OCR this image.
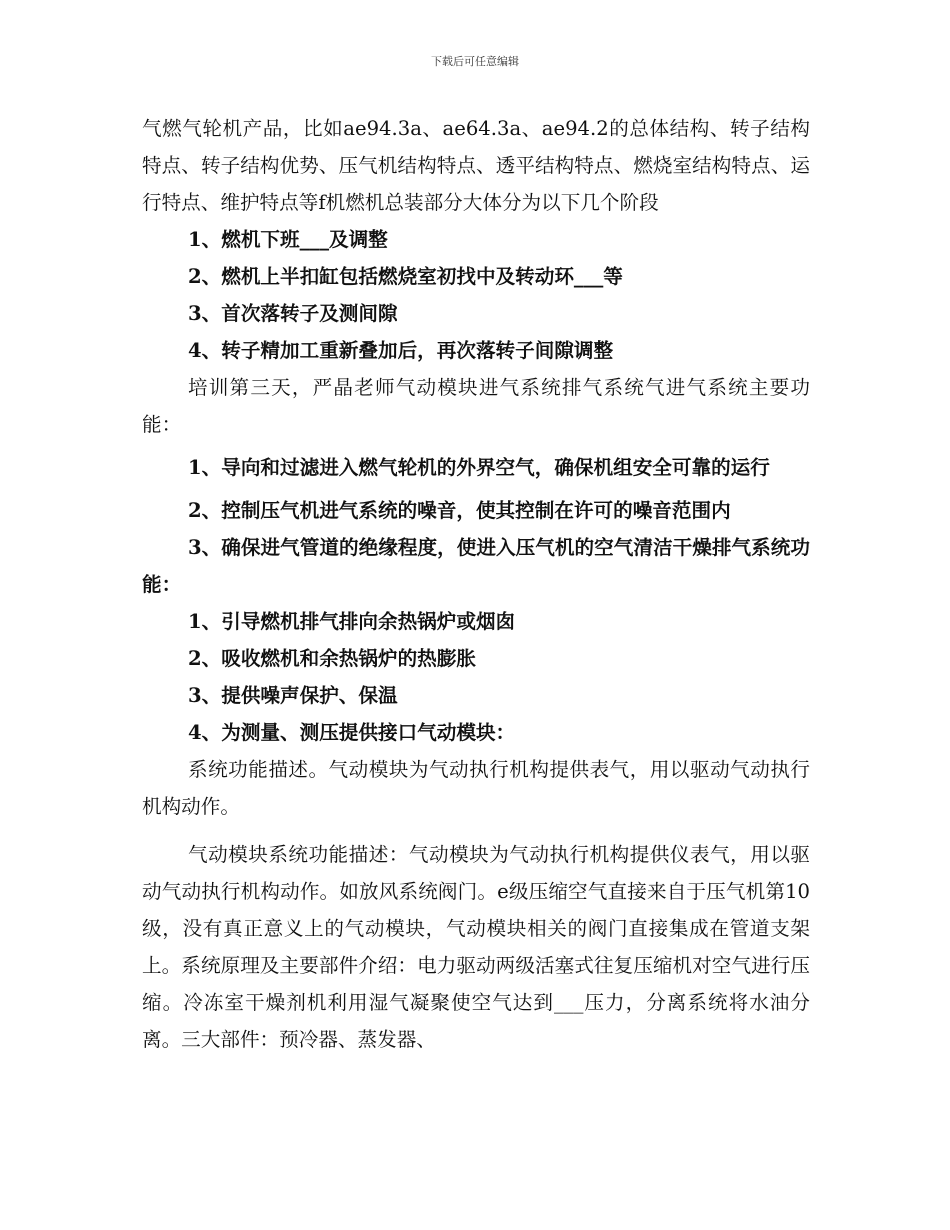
下载后可任意编辑

气燃气轮机产品，比如ae94.3a、ae64.3a、ae94.2的总体结构、转子结构特点、转子结构优势、压气机结构特点、透平结构特点、燃烧室结构特点、运行特点、维护特点等f机燃机总装部分大体分为以下几个阶段

1、燃机下班___及调整

2、燃机上半扣缸包括燃烧室初找中及转动环___等

3、首次落转子及测间隙

4、转子精加工重新叠加后，再次落转子间隙调整

培训第三天，严晶老师气动模块进气系统排气系统气进气系统主要功能：

1、导向和过滤进入燃气轮机的外界空气，确保机组安全可靠的运行

2、控制压气机进气系统的噪音，使其控制在许可的噪音范围内

3、确保进气管道的绝缘程度，使进入压气机的空气清洁干燥排气系统功能：

1、引导燃机排气排向余热锅炉或烟囱

2、吸收燃机和余热锅炉的热膨胀

3、提供噪声保护、保温

4、为测量、测压提供接口气动模块：

系统功能描述。气动模块为气动执行机构提供表气，用以驱动气动执行机构动作。

气动模块系统功能描述：气动模块为气动执行机构提供仪表气，用以驱动气动执行机构动作。如放风系统阀门。e级压缩空气直接来自于压气机第10级，没有真正意义上的气动模块，气动模块相关的阀门直接集成在管道支架上。系统原理及主要部件介绍：电力驱动两级活塞式往复压缩机对空气进行压缩。冷冻室干燥剂机利用湿气凝聚使空气达到___压力，分离系统将水油分离。三大部件：预冷器、蒸发器、
